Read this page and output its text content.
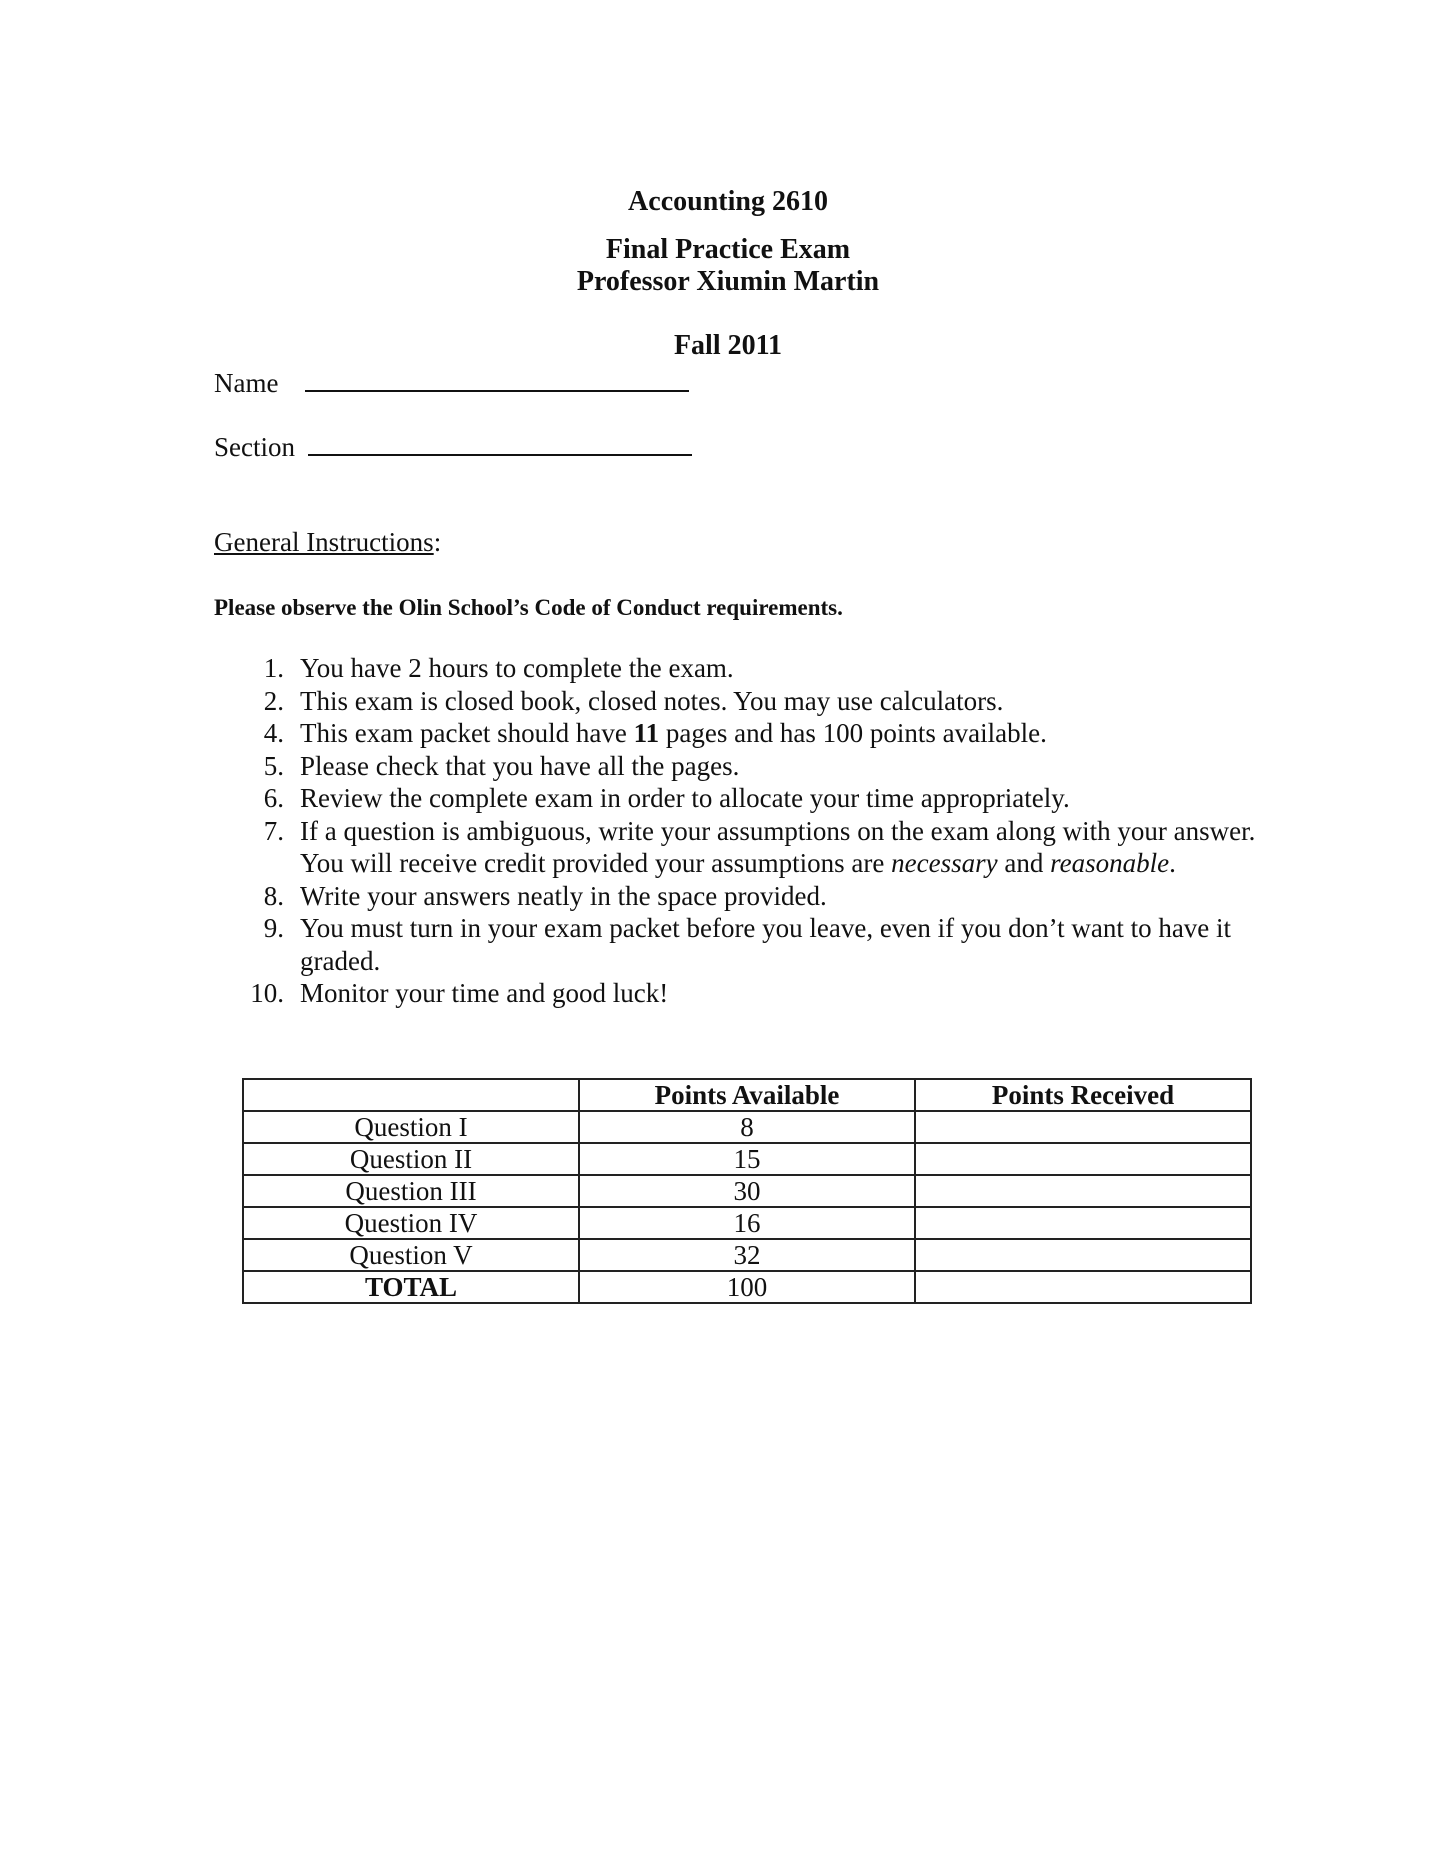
Accounting 2610
Final Practice Exam
Professor Xiumin Martin
Fall 2011
Name
Section
General Instructions:
Please observe the Olin School’s Code of Conduct requirements.
1. You have 2 hours to complete the exam.
2. This exam is closed book, closed notes. You may use calculators.
4. This exam packet should have 11 pages and has 100 points available.
5. Please check that you have all the pages.
6. Review the complete exam in order to allocate your time appropriately.
7. If a question is ambiguous, write your assumptions on the exam along with your answer. You will receive credit provided your assumptions are necessary and reasonable.
8. Write your answers neatly in the space provided.
9. You must turn in your exam packet before you leave, even if you don’t want to have it graded.
10. Monitor your time and good luck!
	Points Available	Points Received
Question I	8	
Question II	15	
Question III	30	
Question IV	16	
Question V	32	
TOTAL	100	
